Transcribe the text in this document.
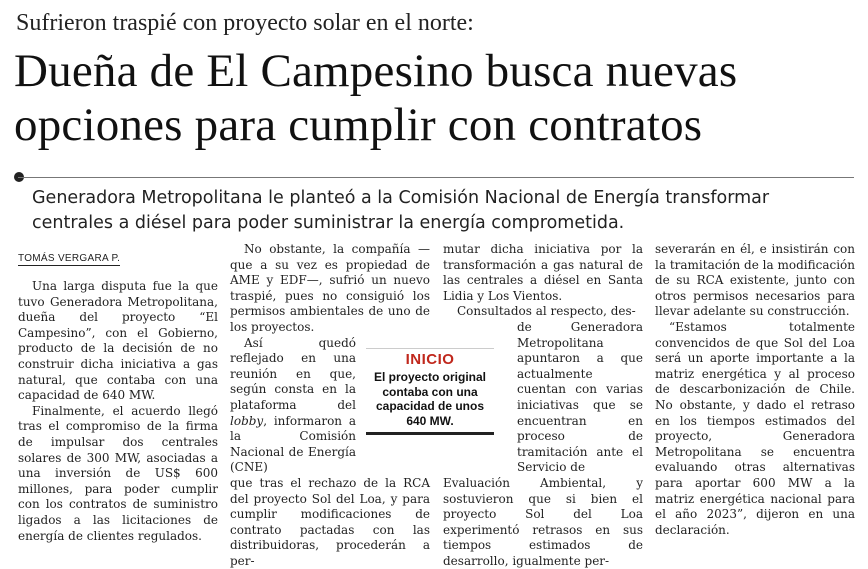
Sufrieron traspié con proyecto solar en el norte:
Dueña de El Campesino busca nuevas opciones para cumplir con contratos
Generadora Metropolitana le planteó a la Comisión Nacional de Energía transformar centrales a diésel para poder suministrar la energía comprometida.
TOMÁS VERGARA P.

Una larga disputa fue la que tuvo Generadora Metropolitana, dueña del proyecto “El Campesino”, con el Gobierno, producto de la decisión de no construir dicha iniciativa a gas natural, que contaba con una capacidad de 640 MW.

Finalmente, el acuerdo llegó tras el compromiso de la firma de impulsar dos centrales solares de 300 MW, asociadas a una inversión de US$ 600 millones, para poder cumplir con los contratos de suministro ligados a las licitaciones de energía de clientes regulados.

No obstante, la compañía —que a su vez es propiedad de AME y EDF—, sufrió un nuevo traspié, pues no consiguió los permisos ambientales de uno de los proyectos.

Así quedó reflejado en una reunión en que, según consta en la plataforma del lobby, informaron a la Comisión Nacional de Energía (CNE)

que tras el rechazo de la RCA del proyecto Sol del Loa, y para cumplir modificaciones de contrato pactadas con las distribuidoras, procederán a per-

INICIO
El proyecto original contaba con una capacidad de unos 640 MW.

mutar dicha iniciativa por la transformación a gas natural de las centrales a diésel en Santa Lidia y Los Vientos.

Consultados al respecto, des-

de Generadora Metropolitana apuntaron a que actualmente cuentan con varias iniciativas que se encuentran en proceso de tramitación ante el Servicio de

Evaluación Ambiental, y sostuvieron que si bien el proyecto Sol del Loa experimentó retrasos en sus tiempos estimados de desarrollo, igualmente per-

severarán en él, e insistirán con la tramitación de la modificación de su RCA existente, junto con otros permisos necesarios para llevar adelante su construcción.

“Estamos totalmente convencidos de que Sol del Loa será un aporte importante a la matriz energética y al proceso de descarbonización de Chile. No obstante, y dado el retraso en los tiempos estimados del proyecto, Generadora Metropolitana se encuentra evaluando otras alternativas para aportar 600 MW a la matriz energética nacional para el año 2023”, dijeron en una declaración.
